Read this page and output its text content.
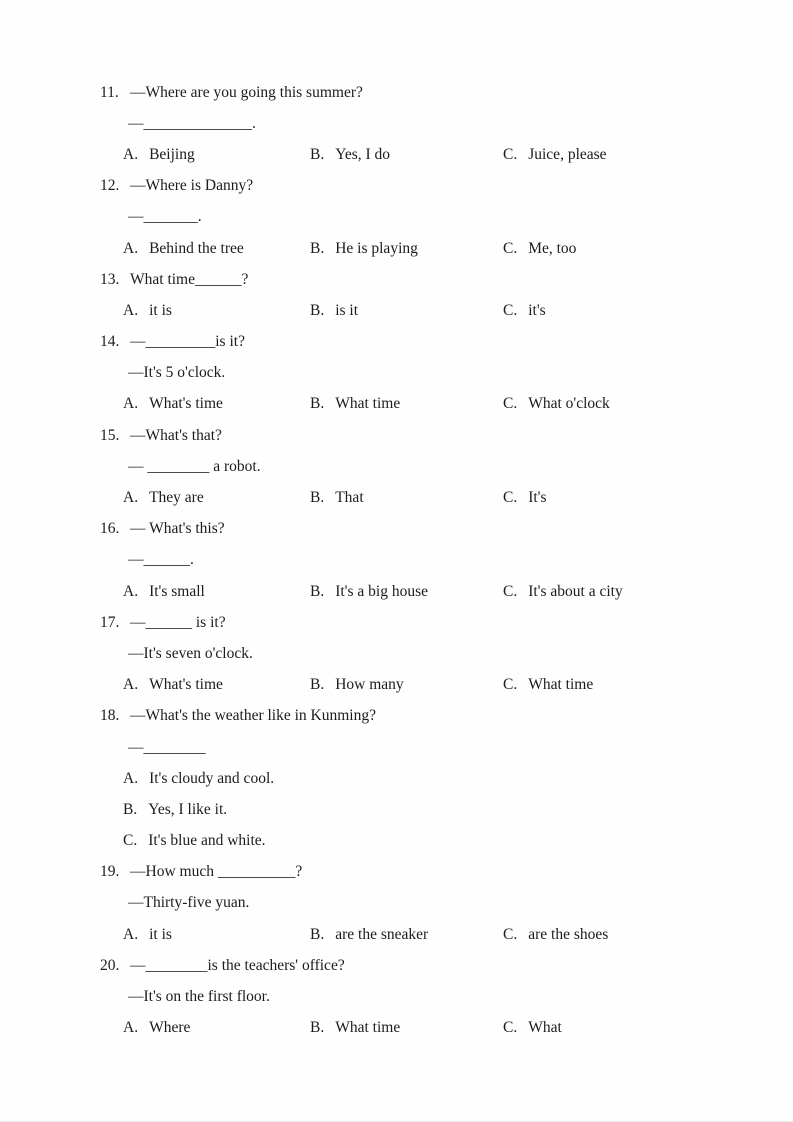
11. —Where are you going this summer?
—______________.
A. Beijing	B. Yes, I do	C. Juice, please
12. —Where is Danny?
—_______.
A. Behind the tree	B. He is playing	C. Me, too
13. What time______?
A. it is	B. is it	C. it's
14. —_________is it?
—It's 5 o'clock.
A. What's time	B. What time	C. What o'clock
15. —What's that?
— ________ a robot.
A. They are	B. That	C. It's
16. — What's this?
—______.
A. It's small	B. It's a big house	C. It's about a city
17. —______ is it?
—It's seven o'clock.
A. What's time	B. How many	C. What time
18. —What's the weather like in Kunming?
—________
A. It's cloudy and cool.
B. Yes, I like it.
C. It's blue and white.
19. —How much __________?
—Thirty-five yuan.
A. it is	B. are the sneaker	C. are the shoes
20. —________is the teachers' office?
—It's on the first floor.
A. Where	B. What time	C. What
